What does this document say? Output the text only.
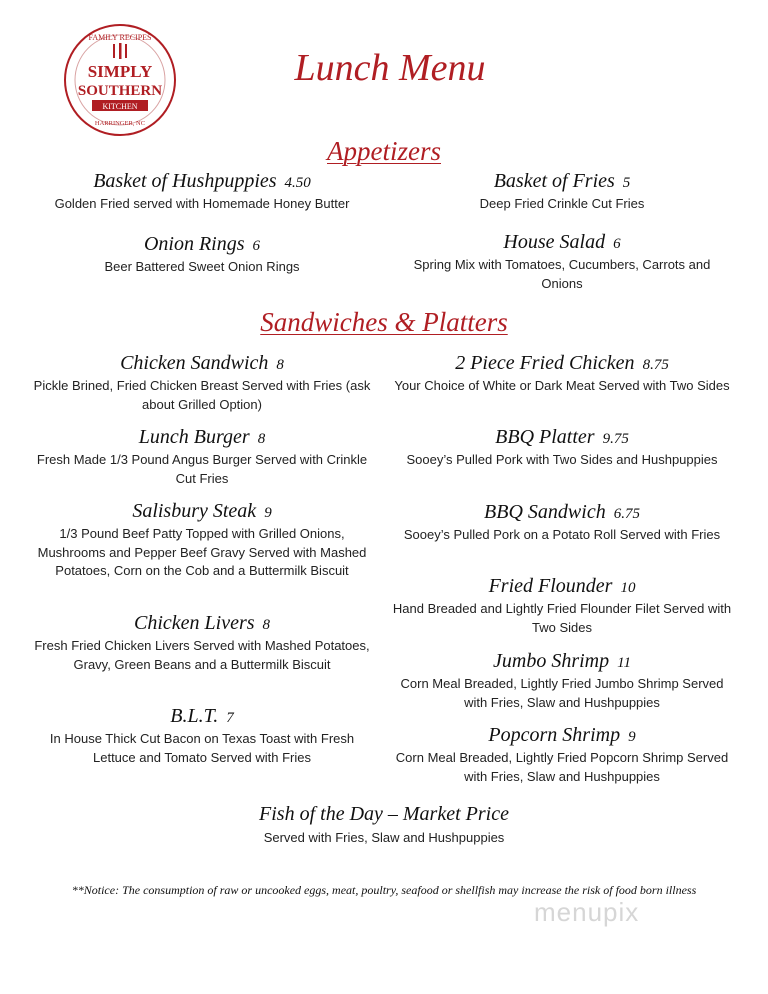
FAMILY RECIPES
SIMPLY
SOUTHERN
KITCHEN
HARRINGER, NC
Lunch Menu
Appetizers
Basket of Hushpuppies 4.50
Golden Fried served with Homemade Honey Butter
Onion Rings 6
Beer Battered Sweet Onion Rings
Basket of Fries 5
Deep Fried Crinkle Cut Fries
House Salad 6
Spring Mix with Tomatoes, Cucumbers, Carrots and Onions
Sandwiches & Platters
Chicken Sandwich 8
Pickle Brined, Fried Chicken Breast Served with Fries (ask about Grilled Option)
Lunch Burger 8
Fresh Made 1/3 Pound Angus Burger Served with Crinkle Cut Fries
Salisbury Steak 9
1/3 Pound Beef Patty Topped with Grilled Onions, Mushrooms and Pepper Beef Gravy Served with Mashed Potatoes, Corn on the Cob and a Buttermilk Biscuit
Chicken Livers 8
Fresh Fried Chicken Livers Served with Mashed Potatoes, Gravy, Green Beans and a Buttermilk Biscuit
B.L.T. 7
In House Thick Cut Bacon on Texas Toast with Fresh Lettuce and Tomato Served with Fries
2 Piece Fried Chicken 8.75
Your Choice of White or Dark Meat Served with Two Sides
BBQ Platter 9.75
Sooey’s Pulled Pork with Two Sides and Hushpuppies
BBQ Sandwich 6.75
Sooey’s Pulled Pork on a Potato Roll Served with Fries
Fried Flounder 10
Hand Breaded and Lightly Fried Flounder Filet Served with Two Sides
Jumbo Shrimp 11
Corn Meal Breaded, Lightly Fried Jumbo Shrimp Served with Fries, Slaw and Hushpuppies
Popcorn Shrimp 9
Corn Meal Breaded, Lightly Fried Popcorn Shrimp Served with Fries, Slaw and Hushpuppies
Fish of the Day – Market Price
Served with Fries, Slaw and Hushpuppies
**Notice: The consumption of raw or uncooked eggs, meat, poultry, seafood or shellfish may increase the risk of food born illness
menupix
